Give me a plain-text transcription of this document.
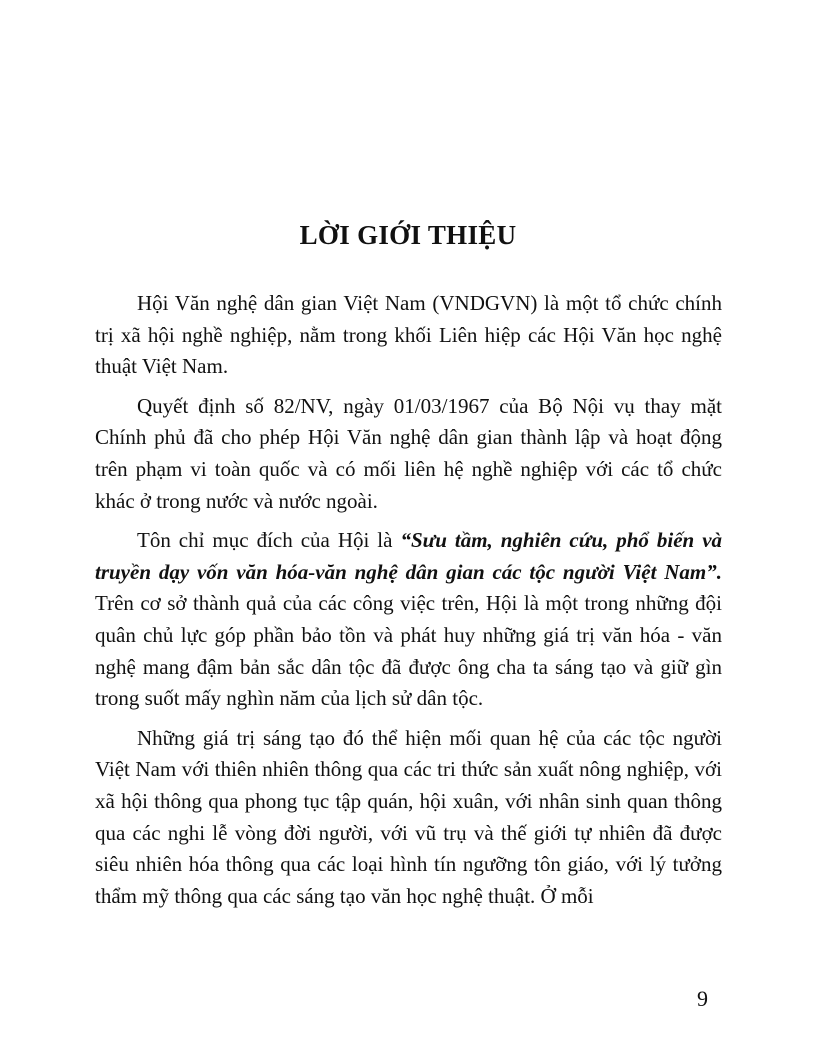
LỜI GIỚI THIỆU

Hội Văn nghệ dân gian Việt Nam (VNDGVN) là một tổ chức chính trị xã hội nghề nghiệp, nằm trong khối Liên hiệp các Hội Văn học nghệ thuật Việt Nam.

Quyết định số 82/NV, ngày 01/03/1967 của Bộ Nội vụ thay mặt Chính phủ đã cho phép Hội Văn nghệ dân gian thành lập và hoạt động trên phạm vi toàn quốc và có mối liên hệ nghề nghiệp với các tổ chức khác ở trong nước và nước ngoài.

Tôn chỉ mục đích của Hội là “Sưu tầm, nghiên cứu, phổ biến và truyền dạy vốn văn hóa-văn nghệ dân gian các tộc người Việt Nam”. Trên cơ sở thành quả của các công việc trên, Hội là một trong những đội quân chủ lực góp phần bảo tồn và phát huy những giá trị văn hóa - văn nghệ mang đậm bản sắc dân tộc đã được ông cha ta sáng tạo và giữ gìn trong suốt mấy nghìn năm của lịch sử dân tộc.

Những giá trị sáng tạo đó thể hiện mối quan hệ của các tộc người Việt Nam với thiên nhiên thông qua các tri thức sản xuất nông nghiệp, với xã hội thông qua phong tục tập quán, hội xuân, với nhân sinh quan thông qua các nghi lễ vòng đời người, với vũ trụ và thế giới tự nhiên đã được siêu nhiên hóa thông qua các loại hình tín ngưỡng tôn giáo, với lý tưởng thẩm mỹ thông qua các sáng tạo văn học nghệ thuật. Ở mỗi

9
